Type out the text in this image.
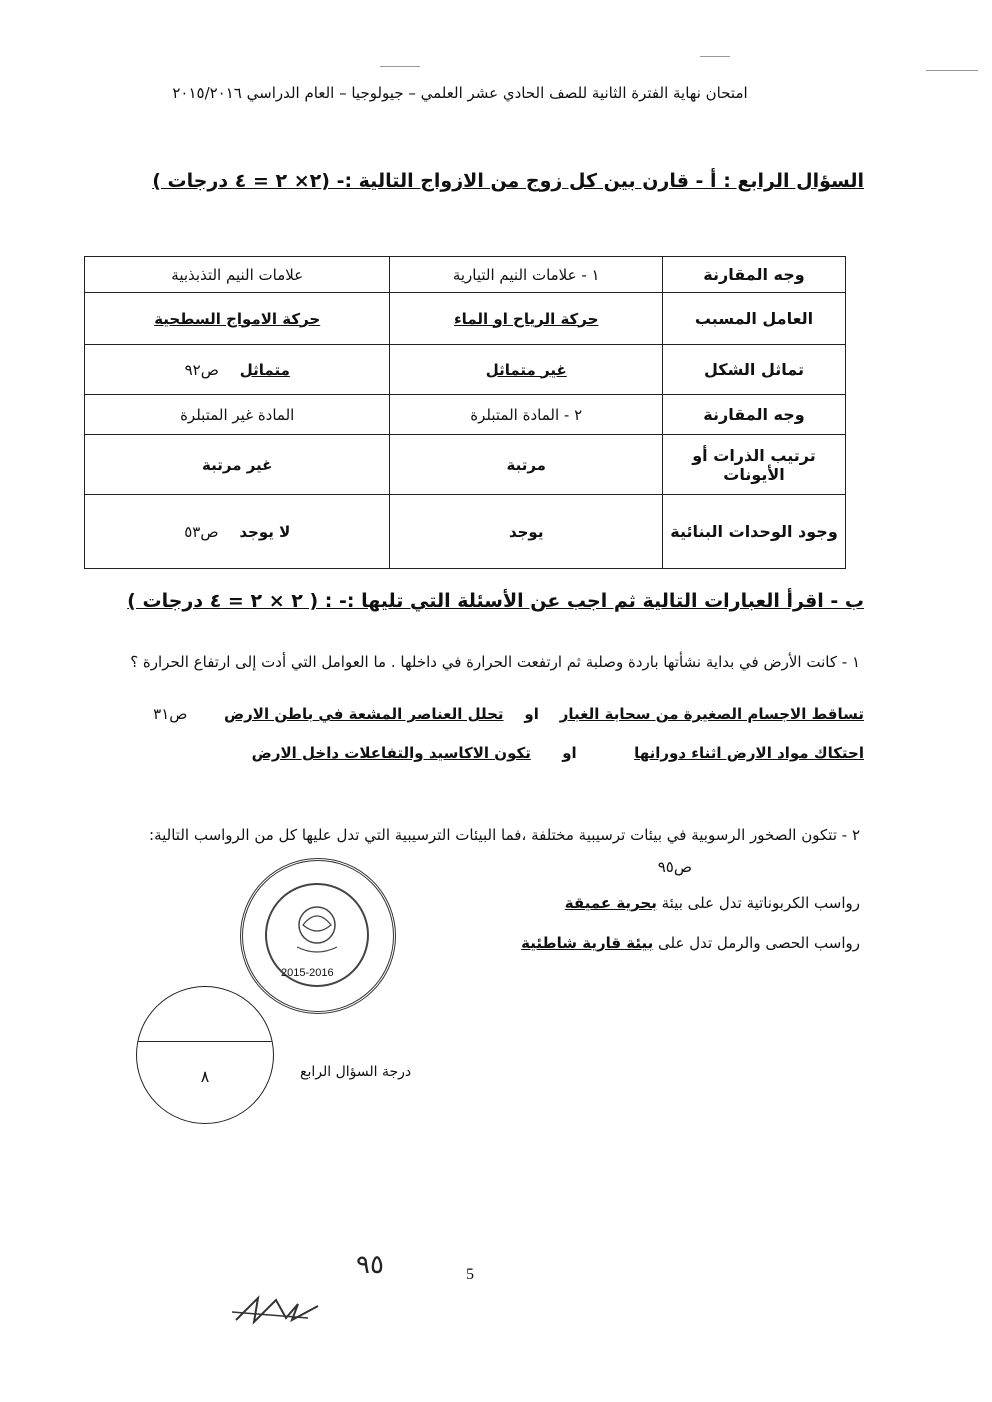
امتحان نهاية الفترة الثانية للصف الحادي عشر العلمي – جيولوجيا – العام الدراسي ٢٠١٥/٢٠١٦
السؤال الرابع : أ - قارن بين كل زوج من الازواج التالية :- (٢× ٢ = ٤ درجات )
وجه المقارنة	١ - علامات النيم التيارية	علامات النيم التذبذبية
العامل المسبب	حركة الرياح او الماء	حركة الامواج السطحية
تماثل الشكل	غير متماثل	متماثل    ص٩٢
وجه المقارنة	٢ - المادة المتبلرة	المادة غير المتبلرة
ترتيب الذرات أو الأيونات	مرتبة	غير مرتبة
وجود الوحدات البنائية	يوجد	لا يوجد    ص٥٣
ب - اقرأ العبارات التالية ثم اجب عن الأسئلة التي تليها :- : ( ٢ × ٢ = ٤ درجات )
١ - كانت الأرض في بداية نشأتها باردة وصلبة ثم ارتفعت الحرارة في داخلها . ما العوامل التي أدت إلى ارتفاع الحرارة ؟
تساقط الاجسام الصغيرة من سحابة الغبار    او    تحلل العناصر المشعة في باطن الارض       ص٣١
احتكاك مواد الارض اثناء دورانها           او      تكون الاكاسيد والتفاعلات داخل الارض
٢ - تتكون الصخور الرسوبية في بيئات ترسيبية مختلفة ،فما البيئات الترسيبية التي تدل عليها كل من الرواسب التالية:
ص٩٥
رواسب الكربوناتية تدل على بيئة بحرية عميقة
رواسب الحصى والرمل تدل على بيئة قارية شاطئية
2015-2016
٨	درجة السؤال الرابع
٩٥	5
